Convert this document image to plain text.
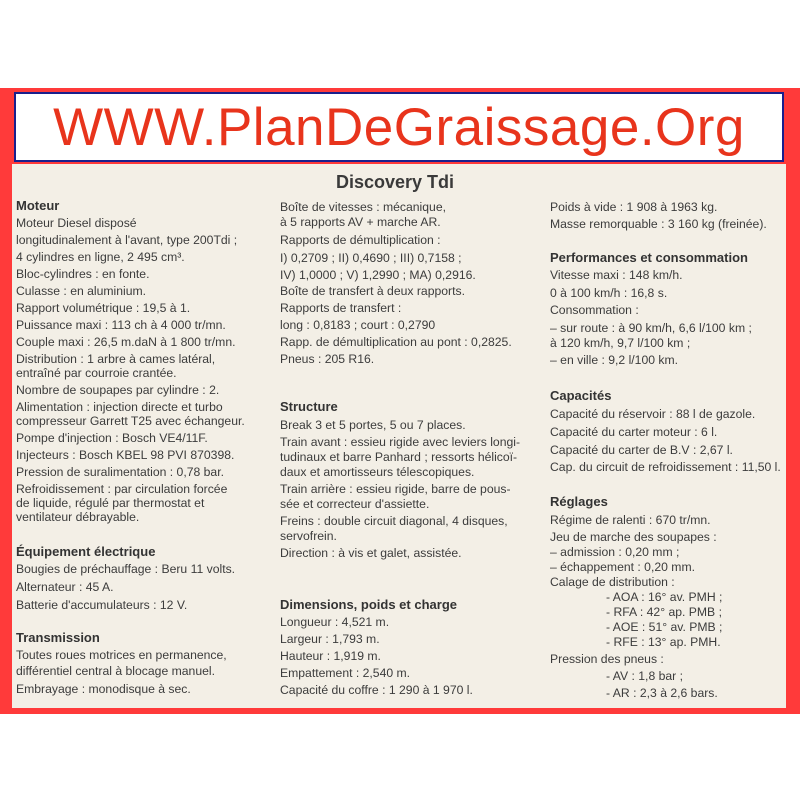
WWW.PlanDeGraissage.Org
Moteur
Moteur Diesel disposé
longitudinalement à l'avant, type 200Tdi ;
4 cylindres en ligne, 2 495 cm³.
Bloc-cylindres : en fonte.
Culasse : en aluminium.
Rapport volumétrique : 19,5 à 1.
Puissance maxi : 113 ch à 4 000 tr/mn.
Couple maxi : 26,5 m.daN à 1 800 tr/mn.
Distribution : 1 arbre à cames latéral,
entraîné par courroie crantée.
Nombre de soupapes par cylindre : 2.
Alimentation : injection directe et turbo
compresseur Garrett T25 avec échangeur.
Pompe d'injection : Bosch VE4/11F.
Injecteurs : Bosch KBEL 98 PVI 870398.
Pression de suralimentation : 0,78 bar.
Refroidissement : par circulation forcée
de liquide, régulé par thermostat et
ventilateur débrayable.
Équipement électrique
Bougies de préchauffage : Beru 11 volts.
Alternateur : 45 A.
Batterie d'accumulateurs : 12 V.
Transmission
Toutes roues motrices en permanence,
différentiel central à blocage manuel.
Embrayage : monodisque à sec.
Boîte de vitesses : mécanique,
à 5 rapports AV + marche AR.
Rapports de démultiplication :
I) 0,2709 ; II) 0,4690 ; III) 0,7158 ;
IV) 1,0000 ; V) 1,2990 ; MA) 0,2916.
Boîte de transfert à deux rapports.
Rapports de transfert :
long : 0,8183 ; court : 0,2790
Rapp. de démultiplication au pont : 0,2825.
Pneus : 205 R16.
Structure
Break 3 et 5 portes, 5 ou 7 places.
Train avant : essieu rigide avec leviers longi-
tudinaux et barre Panhard ; ressorts hélicoï-
daux et amortisseurs télescopiques.
Train arrière : essieu rigide, barre de pous-
sée et correcteur d'assiette.
Freins : double circuit diagonal, 4 disques,
servofrein.
Direction : à vis et galet, assistée.
Dimensions, poids et charge
Longueur : 4,521 m.
Largeur : 1,793 m.
Hauteur : 1,919 m.
Empattement : 2,540 m.
Capacité du coffre : 1 290 à 1 970 l.
Poids à vide : 1 908 à 1963 kg.
Masse remorquable : 3 160 kg (freinée).
Performances et consommation
Vitesse maxi : 148 km/h.
0 à 100 km/h : 16,8 s.
Consommation :
– sur route : à 90 km/h, 6,6 l/100 km ;
à 120 km/h, 9,7 l/100 km ;
– en ville : 9,2 l/100 km.
Capacités
Capacité du réservoir : 88 l de gazole.
Capacité du carter moteur : 6 l.
Capacité du carter de B.V : 2,67 l.
Cap. du circuit de refroidissement : 11,50 l.
Réglages
Régime de ralenti : 670 tr/mn.
Jeu de marche des soupapes :
– admission : 0,20 mm ;
– échappement : 0,20 mm.
Calage de distribution :
- AOA : 16° av. PMH ;
- RFA : 42° ap. PMB ;
- AOE : 51° av. PMB ;
- RFE : 13° ap. PMH.
Pression des pneus :
- AV : 1,8 bar ;
- AR : 2,3 à 2,6 bars.
Discovery Tdi
